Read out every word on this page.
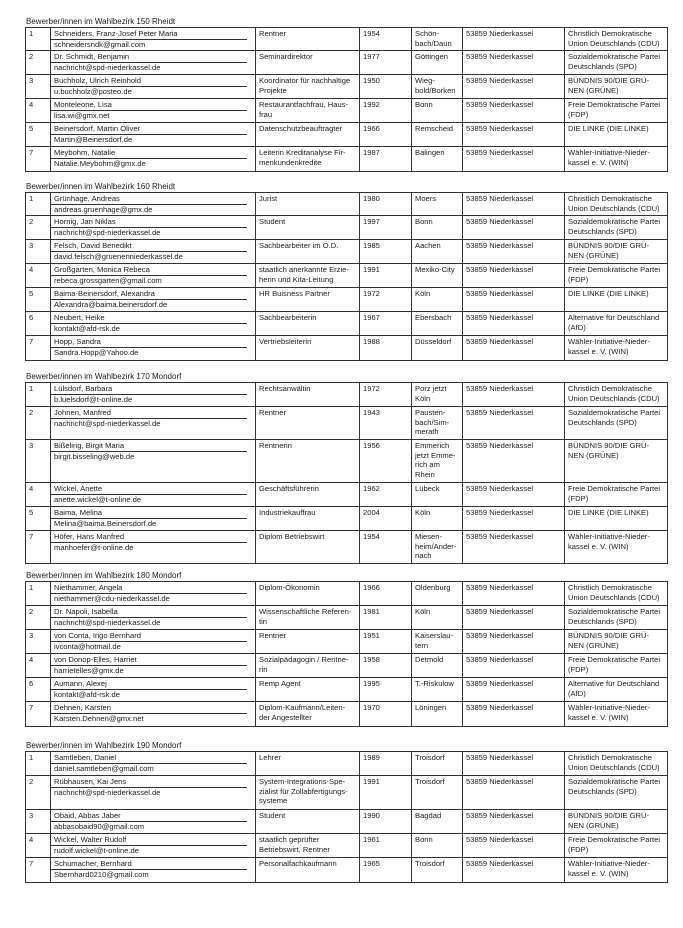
Bewerber/innen im Wahlbezirk 150 Rheidt
1	Schneiders, Franz-Josef Peter Maria
schneidersndk@gmail.com	Rentner	1954	Schön-
bach/Daun	53859 Niederkassel	Christlich Demokratische Union Deutschlands (CDU)
2	Dr. Schmidt, Benjamin
nachricht@spd-niederkassel.de	Seminardirektor	1977	Göttingen	53859 Niederkassel	Sozialdemokratische Partei Deutschlands (SPD)
3	Buchholz, Ulrich Reinhold
u.buchholz@posteo.de	Koordinator für nachhaltige Projekte	1950	Wieg-
bold/Borken	53859 Niederkassel	BÜNDNIS 90/DIE GRÜ-
NEN (GRÜNE)
4	Monteleone, Lisa
lisa.wi@gmx.net	Restaurantfachfrau, Haus-
frau	1992	Bonn	53859 Niederkassel	Freie Demokratische Partei (FDP)
5	Beinersdorf, Martin Oliver
Martin@Beinersdorf.de	Datenschutzbeauftragter	1966	Remscheid	53859 Niederkassel	DIE LINKE (DIE LINKE)
7	Meybohm, Natalie
Natalie.Meybohm@gmx.de	Leiterin Kreditanalyse Fir-
menkundenkredite	1987	Balingen	53859 Niederkassel	Wähler-Initiative-Nieder-
kassel e. V. (WIN)
Bewerber/innen im Wahlbezirk 160 Rheidt
1	Grünhage, Andreas
andreas.gruenhage@gmx.de	Jurist	1980	Moers	53859 Niederkassel	Christlich Demokratische Union Deutschlands (CDU)
2	Hornig, Jan Niklas
nachricht@spd-niederkassel.de	Student	1997	Bonn	53859 Niederkassel	Sozialdemokratische Partei Deutschlands (SPD)
3	Felsch, David Benedikt
david.felsch@gruenenniederkassel.de	Sachbearbeiter im Ö.D.	1985	Aachen	53859 Niederkassel	BÜNDNIS 90/DIE GRÜ-
NEN (GRÜNE)
4	Großgarten, Monica Rebeca
rebeca.grossgarten@gmail.com	staatlich anerkannte Erzie-
herin und Kita-Leitung	1991	Mexiko-City	53859 Niederkassel	Freie Demokratische Partei (FDP)
5	Baima-Beinersdorf, Alexandra
Alexandra@baima.beinersdorf.de	HR Buisness Partner	1972	Köln	53859 Niederkassel	DIE LINKE (DIE LINKE)
6	Neubert, Heike
kontakt@afd-rsk.de	Sachbearbeiterin	1967	Ebersbach	53859 Niederkassel	Alternative für Deutschland (AfD)
7	Hopp, Sandra
Sandra.Hopp@Yahoo.de	Vertriebsleiterin	1988	Düsseldorf	53859 Niederkassel	Wähler-Initiative-Nieder-
kassel e. V. (WIN)
Bewerber/innen im Wahlbezirk 170 Mondorf
1	Lülsdorf, Barbara
b.luelsdorf@t-online.de	Rechtsanwältin	1972	Porz jetzt
Köln	53859 Niederkassel	Christlich Demokratische Union Deutschlands (CDU)
2	Johnen, Manfred
nachricht@spd-niederkassel.de	Rentner	1943	Pausten-
bach/Sim-
merath	53859 Niederkassel	Sozialdemokratische Partei Deutschlands (SPD)
3	Bißeling, Birgit Maria
birgit.bisseling@web.de	Rentnerin	1956	Emmerich
jetzt Emme-
rich am
Rhein	53859 Niederkassel	BÜNDNIS 90/DIE GRÜ-
NEN (GRÜNE)
4	Wickel, Anette
anette.wickel@t-online.de	Geschäftsführerin	1962	Lübeck	53859 Niederkassel	Freie Demokratische Partei (FDP)
5	Baima, Melina
Melina@baima.Beinersdorf.de	Industriekauffrau	2004	Köln	53859 Niederkassel	DIE LINKE (DIE LINKE)
7	Höfer, Hans Manfred
manhoefer@t-online.de	Diplom Betriebswirt	1954	Miesen-
heim/Ander-
nach	53859 Niederkassel	Wähler-Initiative-Nieder-
kassel e. V. (WIN)
Bewerber/innen im Wahlbezirk 180 Mondorf
1	Niethammer, Angela
niethammer@cdu-niederkassel.de	Diplom-Ökonomin	1966	Oldenburg	53859 Niederkassel	Christlich Demokratische Union Deutschlands (CDU)
2	Dr. Napoli, Isabella
nachricht@spd-niederkassel.de	Wissenschaftliche Referen-
tin	1981	Köln	53859 Niederkassel	Sozialdemokratische Partei Deutschlands (SPD)
3	von Conta, Ingo Bernhard
ivconta@hotmail.de	Rentner	1951	Kaiserslau-
tern	53859 Niederkassel	BÜNDNIS 90/DIE GRÜ-
NEN (GRÜNE)
4	von Donop-Elles, Harriet
harrietelles@gmx.de	Sozialpädagogin / Rentne-
rin	1958	Detmold	53859 Niederkassel	Freie Demokratische Partei (FDP)
6	Aumann, Alexej
kontakt@afd-rsk.de	Remp Agent	1995	T.-Riskulow	53859 Niederkassel	Alternative für Deutschland (AfD)
7	Dehnen, Karsten
Karsten.Dehnen@gmx.net	Diplom-Kaufmann/Leiten-
der Angestellter	1970	Löningen	53859 Niederkassel	Wähler-Initiative-Nieder-
kassel e. V. (WIN)
Bewerber/innen im Wahlbezirk 190 Mondorf
1	Samtleben, Daniel
daniel.samtleben@gmail.com	Lehrer	1989	Troisdorf	53859 Niederkassel	Christlich Demokratische Union Deutschlands (CDU)
2	Rübhausen, Kai Jens
nachricht@spd-niederkassel.de	System-Integrations-Spe-
zialist für Zollabfertigungs-
systeme	1991	Troisdorf	53859 Niederkassel	Sozialdemokratische Partei Deutschlands (SPD)
3	Obaid, Abbas Jaber
abbasobaid90@gmail.com	Student	1990	Bagdad	53859 Niederkassel	BÜNDNIS 90/DIE GRÜ-
NEN (GRÜNE)
4	Wickel, Walter Rudolf
rudolf.wickel@t-online.de	staatlich geprüfter
Betriebswirt, Rentner	1961	Bonn	53859 Niederkassel	Freie Demokratische Partei (FDP)
7	Schumacher, Bernhard
Sbernhard0210@gmail.com	Personalfachkaufmann	1965	Troisdorf	53859 Niederkassel	Wähler-Initiative-Nieder-
kassel e. V. (WIN)
